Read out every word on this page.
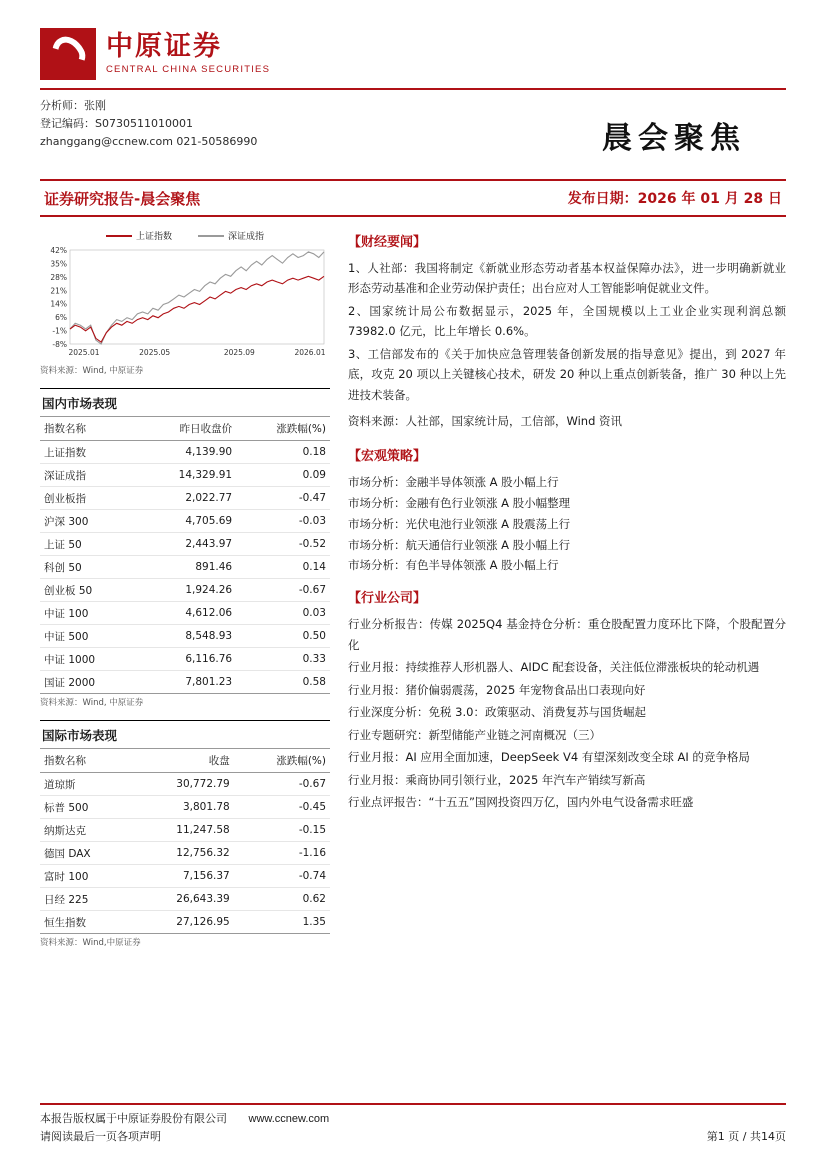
中原证券
CENTRAL CHINA SECURITIES
分析师：张刚
登记编码：S0730511010001
zhanggang@ccnew.com 021-50586990	晨会聚焦
证券研究报告-晨会聚焦	发布日期：2026 年 01 月 28 日
上证指数	深证成指
42%
35%
28%
21%
14%
6%
-1%
-8%
2025.01	2025.05	2025.09	2026.01
资料来源：Wind, 中原证券
国内市场表现
指数名称	昨日收盘价	涨跌幅(%)
上证指数	4,139.90	0.18
深证成指	14,329.91	0.09
创业板指	2,022.77	-0.47
沪深 300	4,705.69	-0.03
上证 50	2,443.97	-0.52
科创 50	891.46	0.14
创业板 50	1,924.26	-0.67
中证 100	4,612.06	0.03
中证 500	8,548.93	0.50
中证 1000	6,116.76	0.33
国证 2000	7,801.23	0.58
资料来源：Wind, 中原证券
国际市场表现
指数名称	收盘	涨跌幅(%)
道琼斯	30,772.79	-0.67
标普 500	3,801.78	-0.45
纳斯达克	11,247.58	-0.15
德国 DAX	12,756.32	-1.16
富时 100	7,156.37	-0.74
日经 225	26,643.39	0.62
恒生指数	27,126.95	1.35
资料来源：Wind,中原证券
【财经要闻】
1、人社部：我国将制定《新就业形态劳动者基本权益保障办法》，进一步明确新就业形态劳动基准和企业劳动保护责任；出台应对人工智能影响促就业文件。
2、国家统计局公布数据显示，2025 年，全国规模以上工业企业实现利润总额 73982.0 亿元，比上年增长 0.6%。
3、工信部发布的《关于加快应急管理装备创新发展的指导意见》提出，到 2027 年底，攻克 20 项以上关键核心技术，研发 20 种以上重点创新装备，推广 30 种以上先进技术装备。
资料来源：人社部，国家统计局，工信部，Wind 资讯
【宏观策略】
市场分析：金融半导体领涨 A 股小幅上行
市场分析：金融有色行业领涨 A 股小幅整理
市场分析：光伏电池行业领涨 A 股震荡上行
市场分析：航天通信行业领涨 A 股小幅上行
市场分析：有色半导体领涨 A 股小幅上行
【行业公司】
行业分析报告：传媒 2025Q4 基金持仓分析：重仓股配置力度环比下降，个股配置分化
行业月报：持续推荐人形机器人、AIDC 配套设备，关注低位滞涨板块的轮动机遇
行业月报：猪价偏弱震荡，2025 年宠物食品出口表现向好
行业深度分析：免税 3.0：政策驱动、消费复苏与国货崛起
行业专题研究：新型储能产业链之河南概况（三）
行业月报：AI 应用全面加速，DeepSeek V4 有望深刻改变全球 AI 的竞争格局
行业月报：乘商协同引领行业，2025 年汽车产销续写新高
行业点评报告：“十五五”国网投资四万亿，国内外电气设备需求旺盛
本报告版权属于中原证券股份有限公司 www.ccnew.com
请阅读最后一页各项声明	第1 页 / 共14页
